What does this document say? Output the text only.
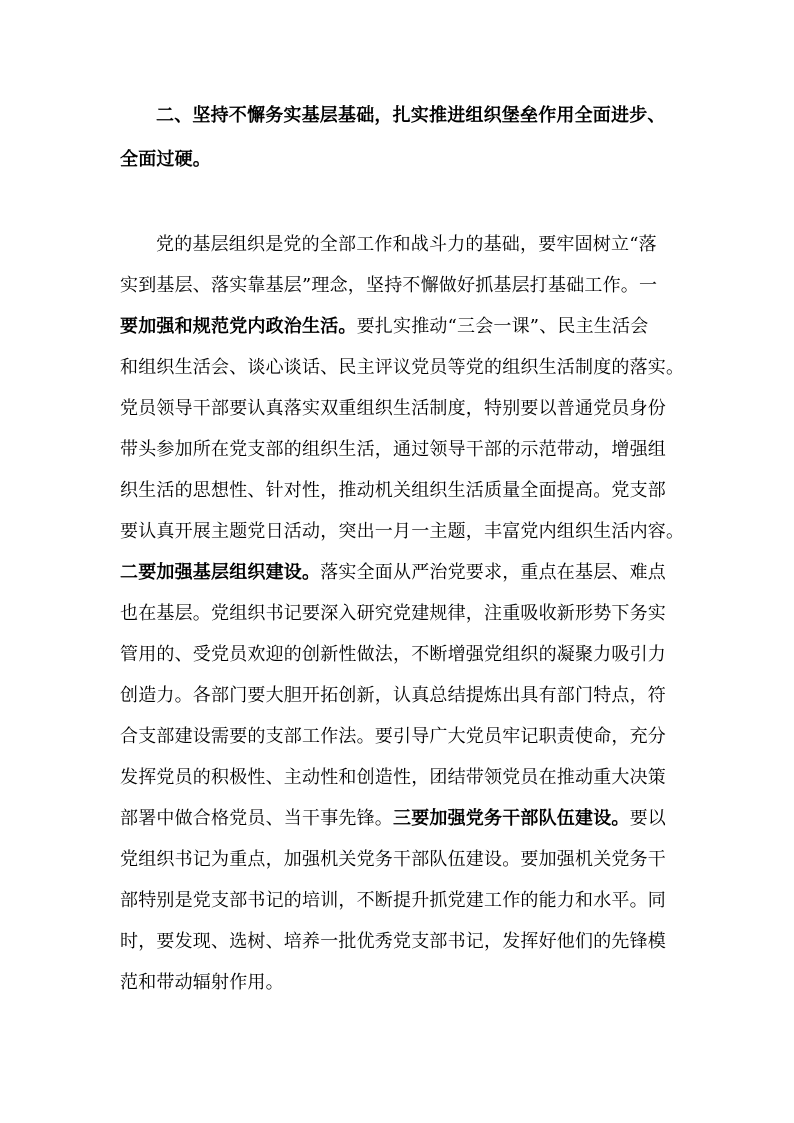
二、坚持不懈务实基层基础，扎实推进组织堡垒作用全面进步、
全面过硬。
党的基层组织是党的全部工作和战斗力的基础，要牢固树立“落
实到基层、落实靠基层”理念，坚持不懈做好抓基层打基础工作。一
要加强和规范党内政治生活。要扎实推动“三会一课”、民主生活会
和组织生活会、谈心谈话、民主评议党员等党的组织生活制度的落实。
党员领导干部要认真落实双重组织生活制度，特别要以普通党员身份
带头参加所在党支部的组织生活，通过领导干部的示范带动，增强组
织生活的思想性、针对性，推动机关组织生活质量全面提高。党支部
要认真开展主题党日活动，突出一月一主题，丰富党内组织生活内容。
二要加强基层组织建设。落实全面从严治党要求，重点在基层、难点
也在基层。党组织书记要深入研究党建规律，注重吸收新形势下务实
管用的、受党员欢迎的创新性做法，不断增强党组织的凝聚力吸引力
创造力。各部门要大胆开拓创新，认真总结提炼出具有部门特点，符
合支部建设需要的支部工作法。要引导广大党员牢记职责使命，充分
发挥党员的积极性、主动性和创造性，团结带领党员在推动重大决策
部署中做合格党员、当干事先锋。三要加强党务干部队伍建设。要以
党组织书记为重点，加强机关党务干部队伍建设。要加强机关党务干
部特别是党支部书记的培训，不断提升抓党建工作的能力和水平。同
时，要发现、选树、培养一批优秀党支部书记，发挥好他们的先锋模
范和带动辐射作用。
